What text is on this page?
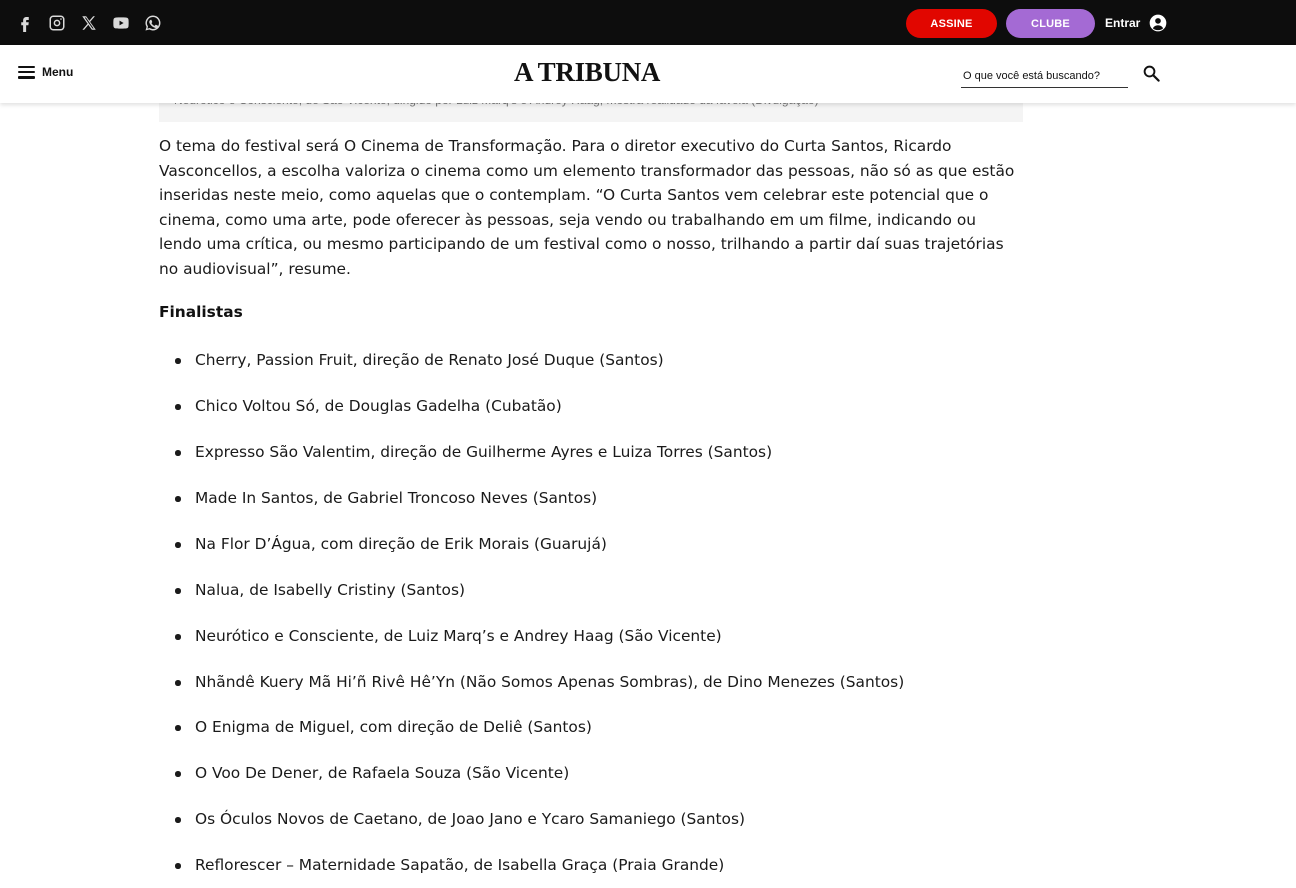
ASSINE	CLUBE	Entrar
Menu	A TRIBUNA
O que você está buscando?

O tema do festival será O Cinema de Transformação. Para o diretor executivo do Curta Santos, Ricardo Vasconcellos, a escolha valoriza o cinema como um elemento transformador das pessoas, não só as que estão inseridas neste meio, como aquelas que o contemplam. “O Curta Santos vem celebrar este potencial que o cinema, como uma arte, pode oferecer às pessoas, seja vendo ou trabalhando em um filme, indicando ou lendo uma crítica, ou mesmo participando de um festival como o nosso, trilhando a partir daí suas trajetórias no audiovisual”, resume.

Finalistas
Cherry, Passion Fruit, direção de Renato José Duque (Santos)
Chico Voltou Só, de Douglas Gadelha (Cubatão)
Expresso São Valentim, direção de Guilherme Ayres e Luiza Torres (Santos)
Made In Santos, de Gabriel Troncoso Neves (Santos)
Na Flor D’Água, com direção de Erik Morais (Guarujá)
Nalua, de Isabelly Cristiny (Santos)
Neurótico e Consciente, de Luiz Marq’s e Andrey Haag (São Vicente)
Nhãndê Kuery Mã Hi’ñ Rivê Hê’Yn (Não Somos Apenas Sombras), de Dino Menezes (Santos)
O Enigma de Miguel, com direção de Deliê (Santos)
O Voo De Dener, de Rafaela Souza (São Vicente)
Os Óculos Novos de Caetano, de Joao Jano e Ycaro Samaniego (Santos)
Reflorescer – Maternidade Sapatão, de Isabella Graça (Praia Grande)
